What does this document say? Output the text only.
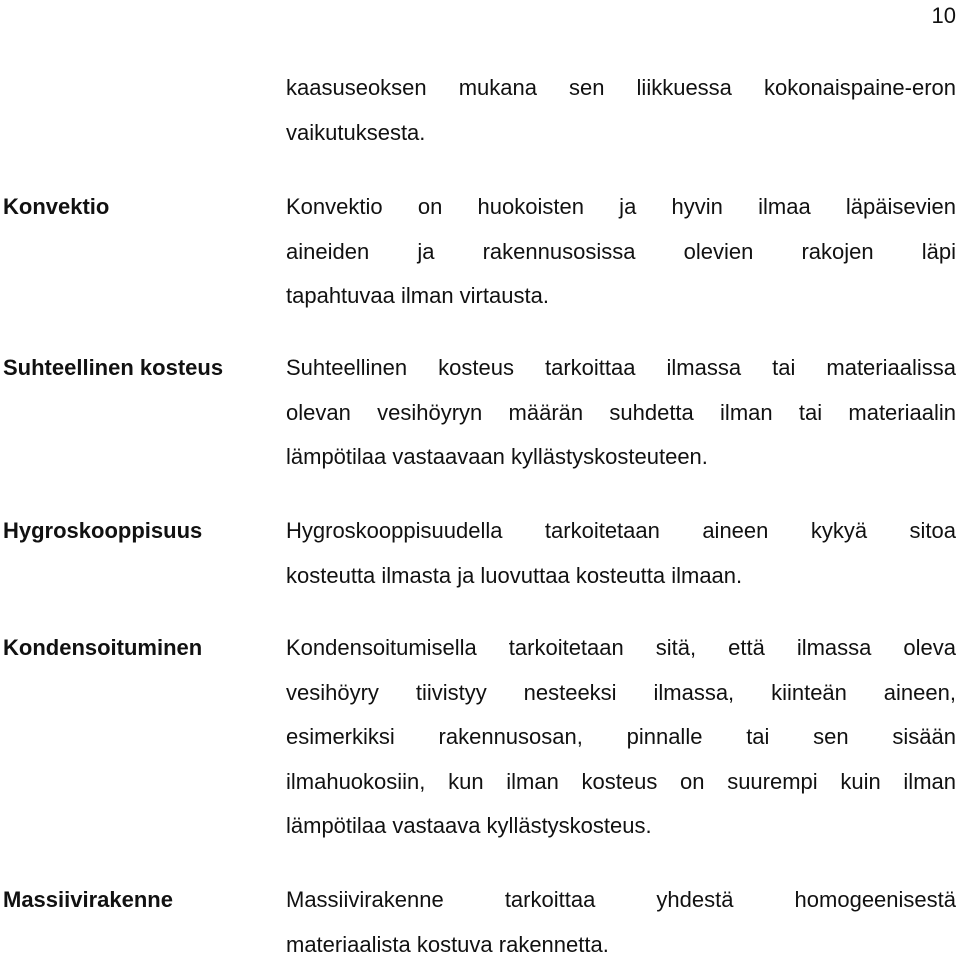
10
kaasuseoksen mukana sen liikkuessa kokonaispaine-eron
vaikutuksesta.
Konvektio	Konvektio on huokoisten ja hyvin ilmaa läpäisevien
aineiden ja rakennusosissa olevien rakojen läpi
tapahtuvaa ilman virtausta.
Suhteellinen kosteus	Suhteellinen kosteus tarkoittaa ilmassa tai materiaalissa
olevan vesihöyryn määrän suhdetta ilman tai materiaalin
lämpötilaa vastaavaan kyllästyskosteuteen.
Hygroskooppisuus	Hygroskooppisuudella tarkoitetaan aineen kykyä sitoa
kosteutta ilmasta ja luovuttaa kosteutta ilmaan.
Kondensoituminen	Kondensoitumisella tarkoitetaan sitä, että ilmassa oleva
vesihöyry tiivistyy nesteeksi ilmassa, kiinteän aineen,
esimerkiksi rakennusosan, pinnalle tai sen sisään
ilmahuokosiin, kun ilman kosteus on suurempi kuin ilman
lämpötilaa vastaava kyllästyskosteus.
Massiivirakenne	Massiivirakenne tarkoittaa yhdestä homogeenisestä
materiaalista kostuva rakennetta.
